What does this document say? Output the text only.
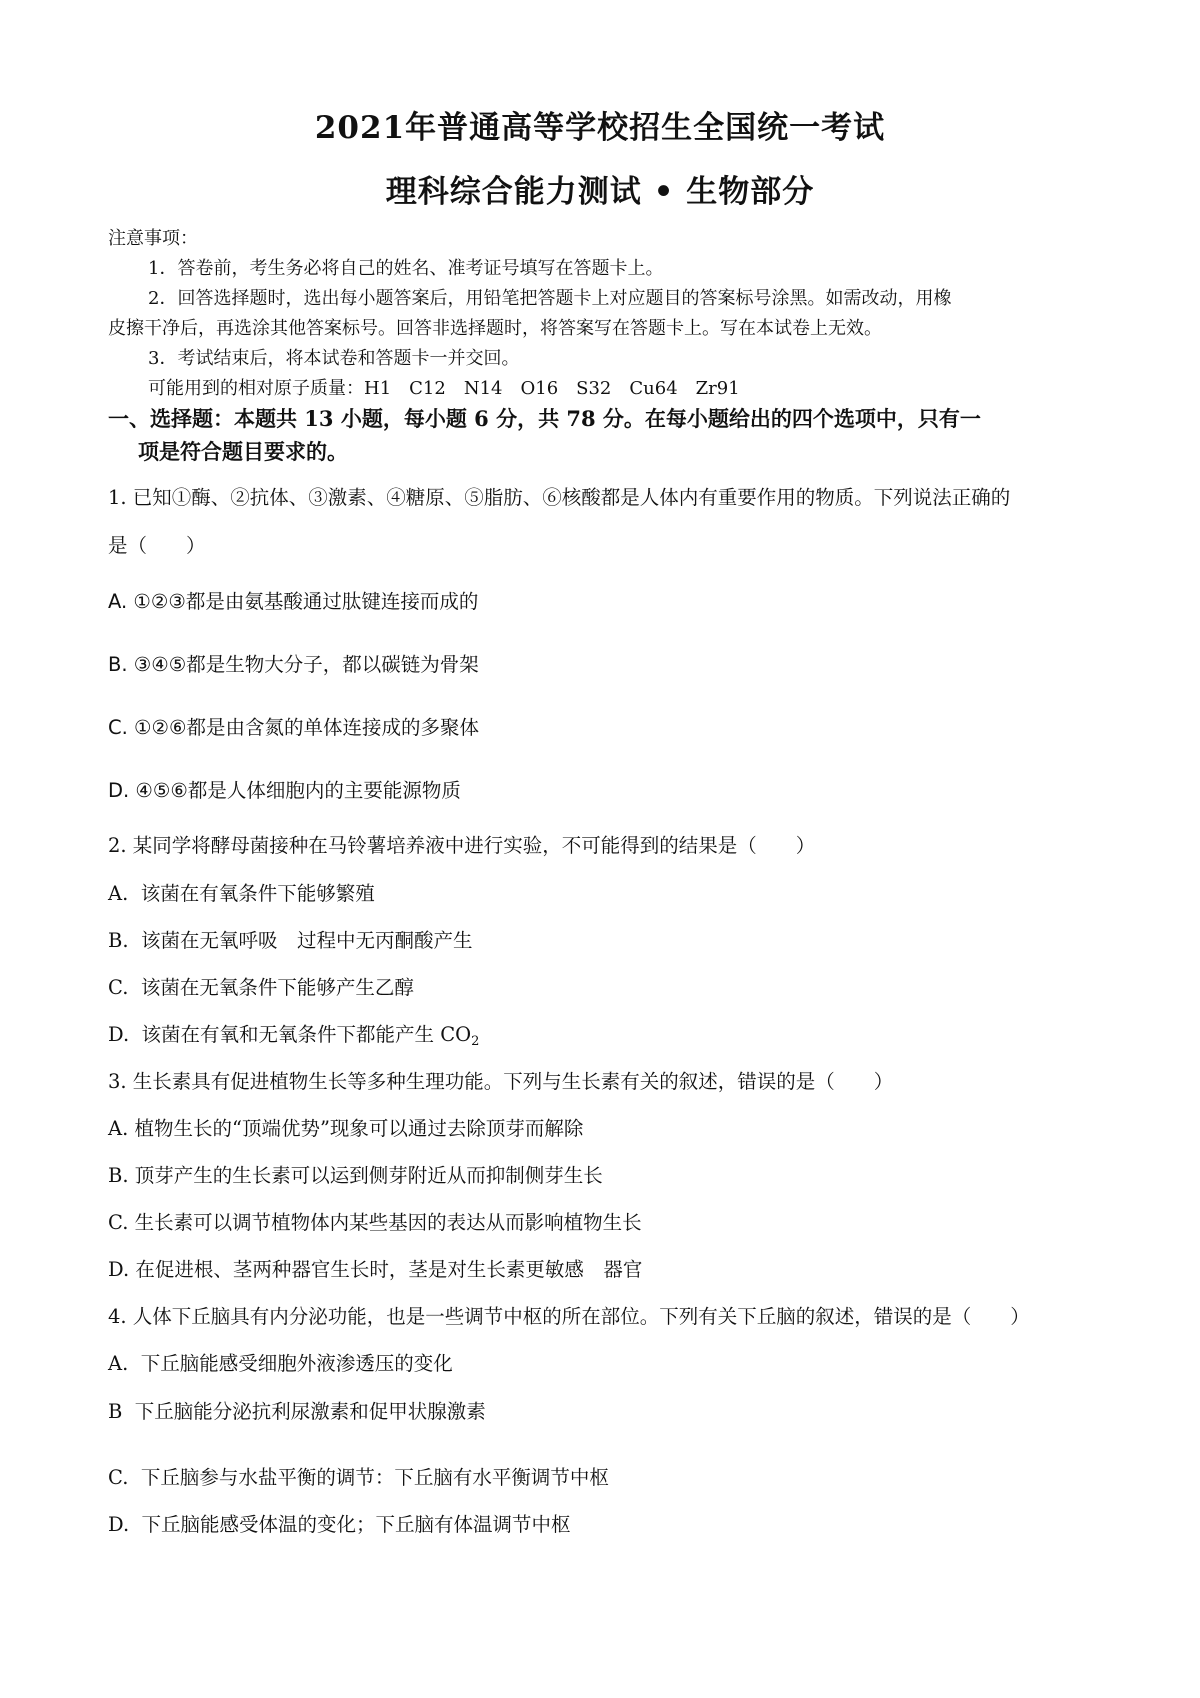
2021年普通高等学校招生全国统一考试
理科综合能力测试 • 生物部分
注意事项：
1．答卷前，考生务必将自己的姓名、准考证号填写在答题卡上。
2．回答选择题时，选出每小题答案后，用铅笔把答题卡上对应题目的答案标号涂黑。如需改动，用橡
皮擦干净后，再选涂其他答案标号。回答非选择题时，将答案写在答题卡上。写在本试卷上无效。
3．考试结束后，将本试卷和答题卡一并交回。
可能用到的相对原子质量：H1　C12　N14　O16　S32　Cu64　Zr91
一、选择题：本题共 13 小题，每小题 6 分，共 78 分。在每小题给出的四个选项中，只有一
项是符合题目要求的。
1. 已知①酶、②抗体、③激素、④糖原、⑤脂肪、⑥核酸都是人体内有重要作用的物质。下列说法正确的
是（　　）
A. ①②③都是由氨基酸通过肽键连接而成的
B. ③④⑤都是生物大分子，都以碳链为骨架
C. ①②⑥都是由含氮的单体连接成的多聚体
D. ④⑤⑥都是人体细胞内的主要能源物质
2. 某同学将酵母菌接种在马铃薯培养液中进行实验，不可能得到的结果是（　　）
A. 该菌在有氧条件下能够繁殖
B. 该菌在无氧呼吸　过程中无丙酮酸产生
C. 该菌在无氧条件下能够产生乙醇
D. 该菌在有氧和无氧条件下都能产生 $CO_2$
3. 生长素具有促进植物生长等多种生理功能。下列与生长素有关的叙述，错误的是（　　）
A. 植物生长的“顶端优势”现象可以通过去除顶芽而解除
B. 顶芽产生的生长素可以运到侧芽附近从而抑制侧芽生长
C. 生长素可以调节植物体内某些基因的表达从而影响植物生长
D. 在促进根、茎两种器官生长时，茎是对生长素更敏感　器官
4. 人体下丘脑具有内分泌功能，也是一些调节中枢的所在部位。下列有关下丘脑的叙述，错误的是（　　）
A. 下丘脑能感受细胞外液渗透压的变化
B 下丘脑能分泌抗利尿激素和促甲状腺激素
C. 下丘脑参与水盐平衡的调节：下丘脑有水平衡调节中枢
D. 下丘脑能感受体温的变化；下丘脑有体温调节中枢
